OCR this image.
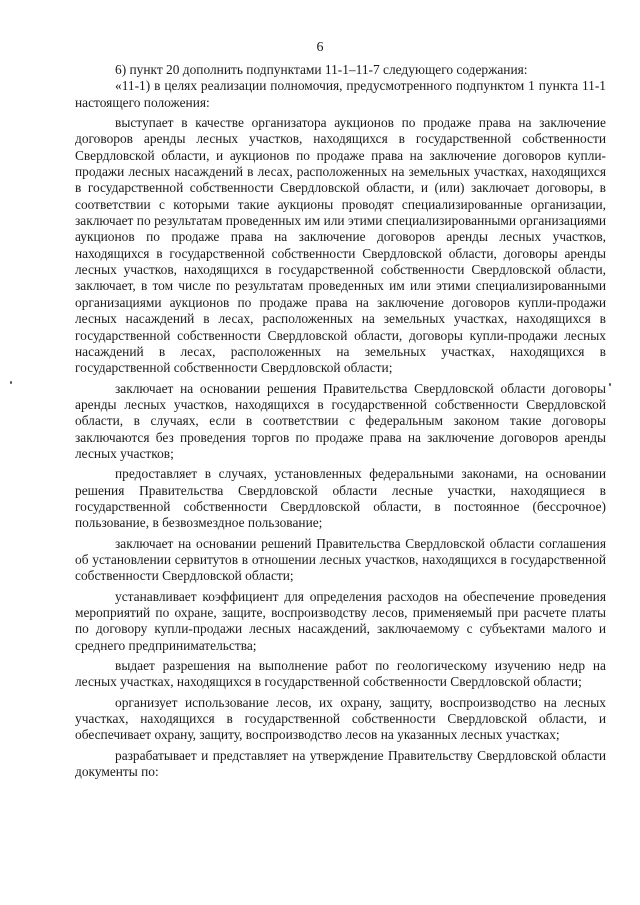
6

6) пункт 20 дополнить подпунктами 11-1–11-7 следующего содержания:

«11-1) в целях реализации полномочия, предусмотренного подпунктом 1 пункта 11-1 настоящего положения:

выступает в качестве организатора аукционов по продаже права на заключение договоров аренды лесных участков, находящихся в государственной собственности Свердловской области, и аукционов по продаже права на заключение договоров купли-продажи лесных насаждений в лесах, расположенных на земельных участках, находящихся в государственной собственности Свердловской области, и (или) заключает договоры, в соответствии с которыми такие аукционы проводят специализированные организации, заключает по результатам проведенных им или этими специализированными организациями аукционов по продаже права на заключение договоров аренды лесных участков, находящихся в государственной собственности Свердловской области, договоры аренды лесных участков, находящихся в государственной собственности Свердловской области, заключает, в том числе по результатам проведенных им или этими специализированными организациями аукционов по продаже права на заключение договоров купли-продажи лесных насаждений в лесах, расположенных на земельных участках, находящихся в государственной собственности Свердловской области, договоры купли-продажи лесных насаждений в лесах, расположенных на земельных участках, находящихся в государственной собственности Свердловской области;

заключает на основании решения Правительства Свердловской области договоры аренды лесных участков, находящихся в государственной собственности Свердловской области, в случаях, если в соответствии с федеральным законом такие договоры заключаются без проведения торгов по продаже права на заключение договоров аренды лесных участков;

предоставляет в случаях, установленных федеральными законами, на основании решения Правительства Свердловской области лесные участки, находящиеся в государственной собственности Свердловской области, в постоянное (бессрочное) пользование, в безвозмездное пользование;

заключает на основании решений Правительства Свердловской области соглашения об установлении сервитутов в отношении лесных участков, находящихся в государственной собственности Свердловской области;

устанавливает коэффициент для определения расходов на обеспечение проведения мероприятий по охране, защите, воспроизводству лесов, применяемый при расчете платы по договору купли-продажи лесных насаждений, заключаемому с субъектами малого и среднего предпринимательства;

выдает разрешения на выполнение работ по геологическому изучению недр на лесных участках, находящихся в государственной собственности Свердловской области;

организует использование лесов, их охрану, защиту, воспроизводство на лесных участках, находящихся в государственной собственности Свердловской области, и обеспечивает охрану, защиту, воспроизводство лесов на указанных лесных участках;

разрабатывает и представляет на утверждение Правительству Свердловской области документы по:
